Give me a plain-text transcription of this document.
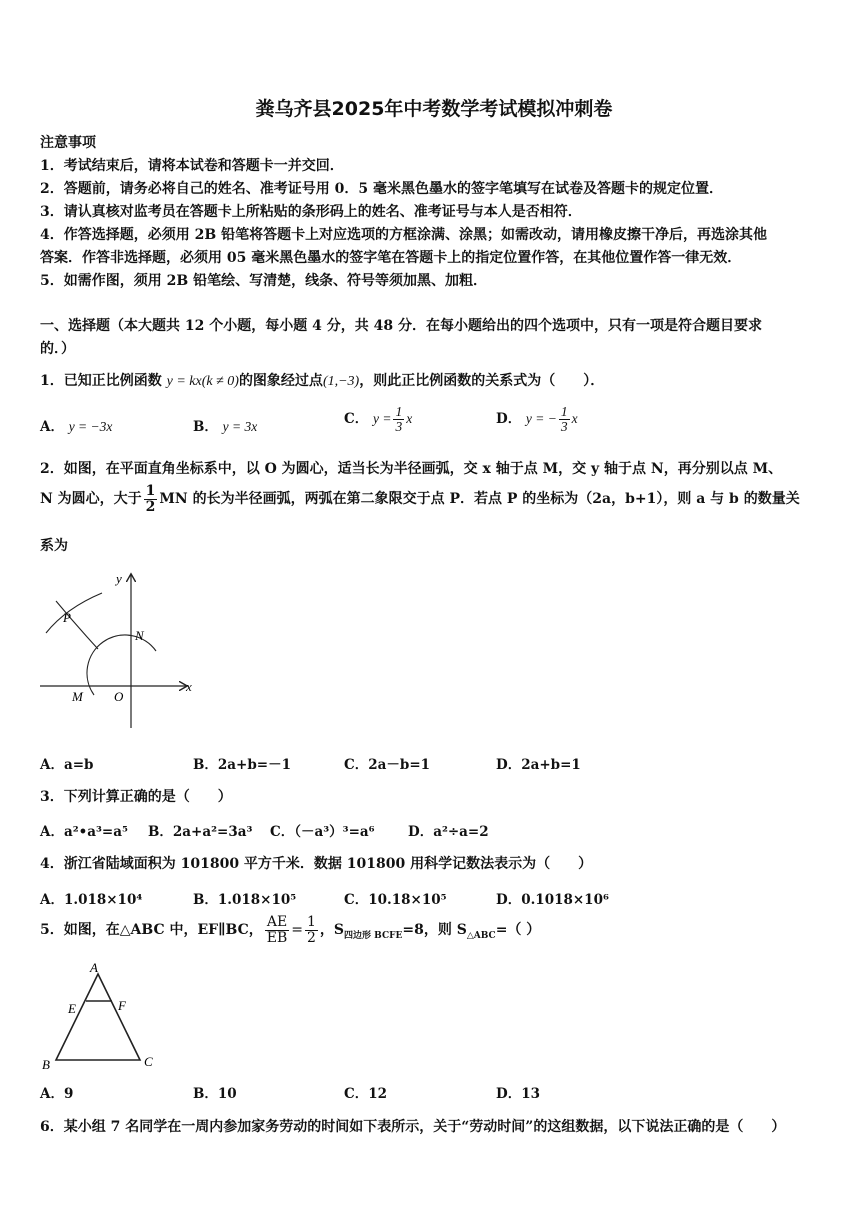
粪乌齐县2025年中考数学考试模拟冲刺卷
注意事项
1．考试结束后，请将本试卷和答题卡一并交回．
2．答题前，请务必将自己的姓名、准考证号用 0．5 毫米黑色墨水的签字笔填写在试卷及答题卡的规定位置．
3．请认真核对监考员在答题卡上所粘贴的条形码上的姓名、准考证号与本人是否相符．
4．作答选择题，必须用 2B 铅笔将答题卡上对应选项的方框涂满、涂黑；如需改动，请用橡皮擦干净后，再选涂其他
答案．作答非选择题，必须用 05 毫米黑色墨水的签字笔在答题卡上的指定位置作答，在其他位置作答一律无效．
5．如需作图，须用 2B 铅笔绘、写清楚，线条、符号等须加黑、加粗．
一、选择题（本大题共 12 个小题，每小题 4 分，共 48 分．在每小题给出的四个选项中，只有一项是符合题目要求
的．）
1．已知正比例函数 y = kx(k ≠ 0)的图象经过点(1,−3)，则此正比例函数的关系式为（　　）．
A． y = −3x	B． y = 3x	C． $y = \frac{1}{3}$ x	D． y = − $\frac{1}{3}$ x
2．如图，在平面直角坐标系中，以 O 为圆心，适当长为半径画弧，交 x 轴于点 M，交 y 轴于点 N，再分别以点 M、
N 为圆心，大于 $\frac{1}{2}$ MN 的长为半径画弧，两弧在第二象限交于点 P．若点 P 的坐标为（2a，b+1），则 a 与 b 的数量关
系为
y
x
P
N
M O
A．a=b	B．2a+b=－1	C．2a－b=1	D．2a+b=1
3．下列计算正确的是（　　）
A．a²•a³=a⁵ B．2a+a²=3a³ C．（－a³）³=a⁶ D．a²÷a=2
4．浙江省陆域面积为 101800 平方千米．数据 101800 用科学记数法表示为（　　）
A．1.018×10⁴	B．1.018×10⁵	C．10.18×10⁵	D．0.1018×10⁶
5．如图，在△ABC 中，EF∥BC， $\frac{AE}{EB} = \frac{1}{2}$ ，$S_{四边形 BCFE}=8$，则 $S_{\triangle ABC}=$（ ）
A
E	F
B	C
A．9	B．10	C．12	D．13
6．某小组 7 名同学在一周内参加家务劳动的时间如下表所示，关于“劳动时间”的这组数据，以下说法正确的是（　　）
